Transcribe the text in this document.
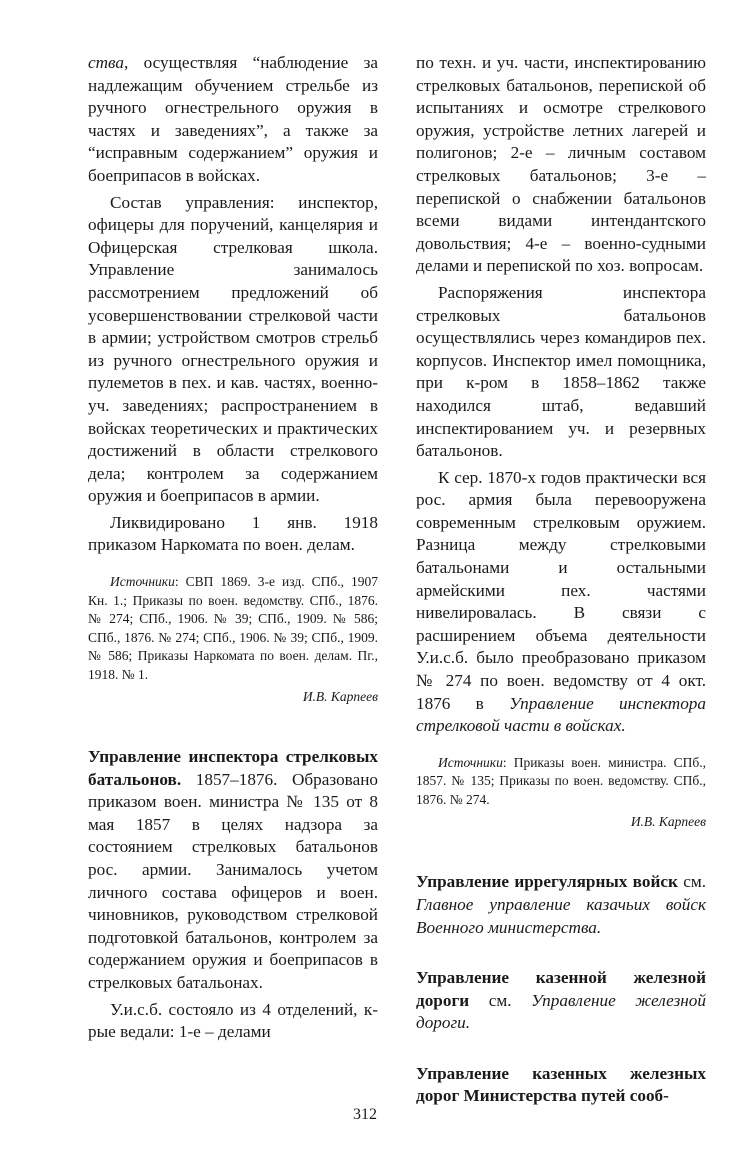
ства, осуществляя “наблюдение за надлежащим обучением стрельбе из ручного огнестрельного оружия в частях и заведениях”, а также за “исправным содержанием” оружия и боеприпасов в войсках.

Состав управления: инспектор, офицеры для поручений, канцелярия и Офицерская стрелковая школа. Управление занималось рассмотрением предложений об усовершенствовании стрелковой части в армии; устройством смотров стрельб из ручного огнестрельного оружия и пулеметов в пех. и кав. частях, военно-уч. заведениях; распространением в войсках теоретических и практических достижений в области стрелкового дела; контролем за содержанием оружия и боеприпасов в армии.

Ликвидировано 1 янв. 1918 приказом Наркомата по воен. делам.

Источники: СВП 1869. 3-е изд. СПб., 1907 Кн. 1.; Приказы по воен. ведомству. СПб., 1876. № 274; СПб., 1906. № 39; СПб., 1909. № 586; СПб., 1876. № 274; СПб., 1906. № 39; СПб., 1909. № 586; Приказы Наркомата по воен. делам. Пг., 1918. № 1.

И.В. Карпеев

Управление инспектора стрелковых батальонов. 1857–1876. Образовано приказом воен. министра № 135 от 8 мая 1857 в целях надзора за состоянием стрелковых батальонов рос. армии. Занималось учетом личного состава офицеров и воен. чиновников, руководством стрелковой подготовкой батальонов, контролем за содержанием оружия и боеприпасов в стрелковых батальонах.

У.и.с.б. состояло из 4 отделений, к-рые ведали: 1-е – делами

по техн. и уч. части, инспектированию стрелковых батальонов, перепиской об испытаниях и осмотре стрелкового оружия, устройстве летних лагерей и полигонов; 2-е – личным составом стрелковых батальонов; 3-е – перепиской о снабжении батальонов всеми видами интендантского довольствия; 4-е – военно-судными делами и перепиской по хоз. вопросам.

Распоряжения инспектора стрелковых батальонов осуществлялись через командиров пех. корпусов. Инспектор имел помощника, при к-ром в 1858–1862 также находился штаб, ведавший инспектированием уч. и резервных батальонов.

К сер. 1870-х годов практически вся рос. армия была перевооружена современным стрелковым оружием. Разница между стрелковыми батальонами и остальными армейскими пех. частями нивелировалась. В связи с расширением объема деятельности У.и.с.б. было преобразовано приказом № 274 по воен. ведомству от 4 окт. 1876 в Управление инспектора стрелковой части в войсках.

Источники: Приказы воен. министра. СПб., 1857. № 135; Приказы по воен. ведомству. СПб., 1876. № 274.

И.В. Карпеев

Управление иррегулярных войск см. Главное управление казачьих войск Военного министерства.

Управление казенной железной дороги см. Управление железной дороги.

Управление казенных железных дорог Министерства путей сооб-

312
